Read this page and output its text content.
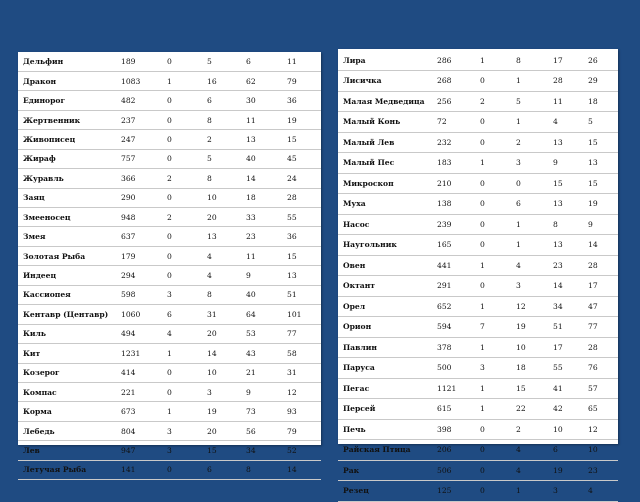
Дельфин	189	0	5	6	11
Дракон	1083	1	16	62	79
Единорог	482	0	6	30	36
Жертвенник	237	0	8	11	19
Живописец	247	0	2	13	15
Жираф	757	0	5	40	45
Журавль	366	2	8	14	24
Заяц	290	0	10	18	28
Змееносец	948	2	20	33	55
Змея	637	0	13	23	36
Золотая Рыба	179	0	4	11	15
Индеец	294	0	4	9	13
Кассиопея	598	3	8	40	51
Кентавр (Центавр)	1060	6	31	64	101
Киль	494	4	20	53	77
Кит	1231	1	14	43	58
Козерог	414	0	10	21	31
Компас	221	0	3	9	12
Корма	673	1	19	73	93
Лебедь	804	3	20	56	79
Лев	947	3	15	34	52
Летучая Рыба	141	0	6	8	14
Лира	286	1	8	17	26
Лисичка	268	0	1	28	29
Малая Медведица	256	2	5	11	18
Малый Конь	72	0	1	4	5
Малый Лев	232	0	2	13	15
Малый Пес	183	1	3	9	13
Микроскоп	210	0	0	15	15
Муха	138	0	6	13	19
Насос	239	0	1	8	9
Наугольник	165	0	1	13	14
Овен	441	1	4	23	28
Октант	291	0	3	14	17
Орел	652	1	12	34	47
Орион	594	7	19	51	77
Павлин	378	1	10	17	28
Паруса	500	3	18	55	76
Пегас	1121	1	15	41	57
Персей	615	1	22	42	65
Печь	398	0	2	10	12
Райская Птица	206	0	4	6	10
Рак	506	0	4	19	23
Резец	125	0	1	3	4
